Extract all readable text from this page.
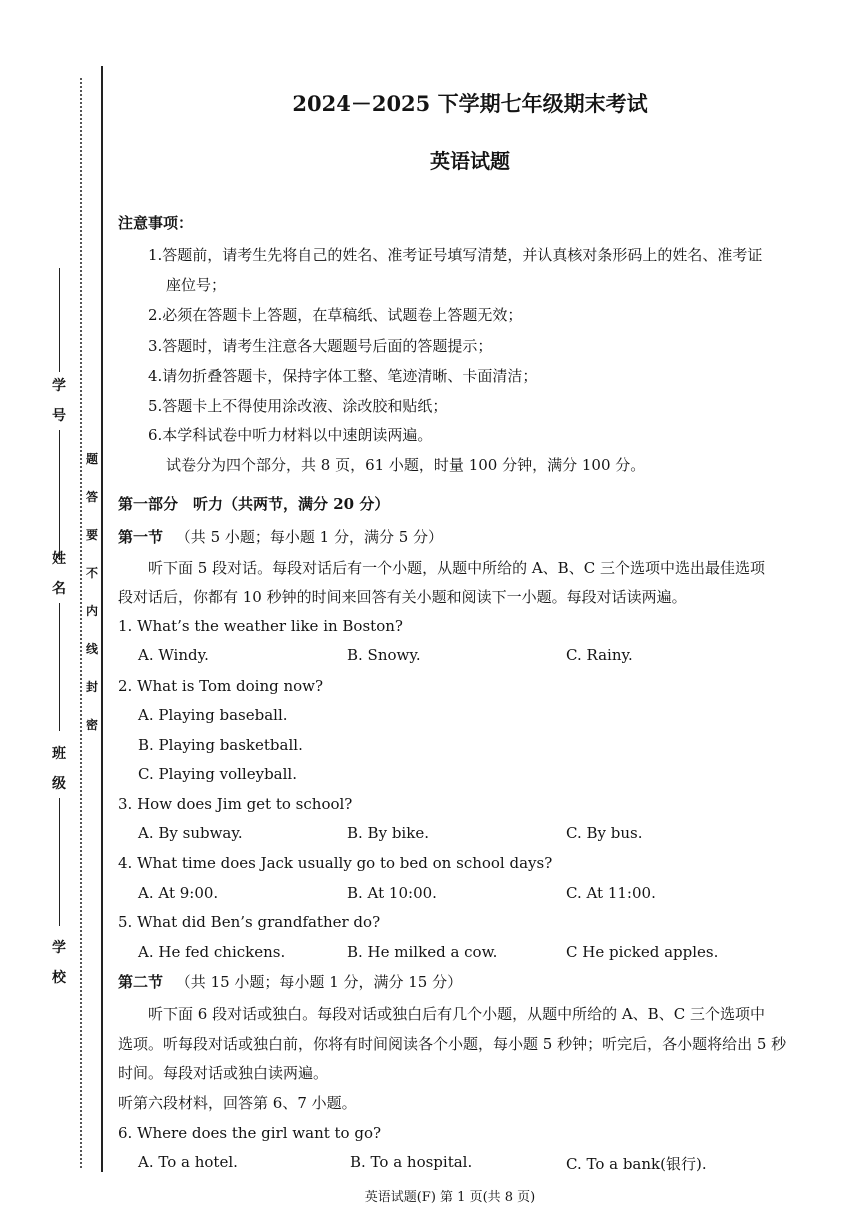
学
号
姓
名
班
级
学
校
题
答
要
不
内
线
封
密
2024－2025 下学期七年级期末考试
英语试题
注意事项：
1.答题前，请考生先将自己的姓名、准考证号填写清楚，并认真核对条形码上的姓名、准考证
座位号；
2.必须在答题卡上答题，在草稿纸、试题卷上答题无效；
3.答题时，请考生注意各大题题号后面的答题提示；
4.请勿折叠答题卡，保持字体工整、笔迹清晰、卡面清洁；
5.答题卡上不得使用涂改液、涂改胶和贴纸；
6.本学科试卷中听力材料以中速朗读两遍。
试卷分为四个部分，共 8 页，61 小题，时量 100 分钟，满分 100 分。
第一部分　听力（共两节，满分 20 分）
第一节 （共 5 小题；每小题 1 分，满分 5 分）
听下面 5 段对话。每段对话后有一个小题，从题中所给的 A、B、C 三个选项中选出最佳选项
段对话后，你都有 10 秒钟的时间来回答有关小题和阅读下一小题。每段对话读两遍。
1. What’s the weather like in Boston?
A. Windy.	B. Snowy.	C. Rainy.
2. What is Tom doing now?
A. Playing baseball.
B. Playing basketball.
C. Playing volleyball.
3. How does Jim get to school?
A. By subway.	B. By bike.	C. By bus.
4. What time does Jack usually go to bed on school days?
A. At 9:00.	B. At 10:00.	C. At 11:00.
5. What did Ben’s grandfather do?
A. He fed chickens.	B. He milked a cow.	C He picked apples.
第二节 （共 15 小题；每小题 1 分，满分 15 分）
听下面 6 段对话或独白。每段对话或独白后有几个小题，从题中所给的 A、B、C 三个选项中
选项。听每段对话或独白前，你将有时间阅读各个小题，每小题 5 秒钟；听完后，各小题将给出 5 秒
时间。每段对话或独白读两遍。
听第六段材料，回答第 6、7 小题。
6. Where does the girl want to go?
A. To a hotel.	B. To a hospital.	C. To a bank(银行).
英语试题(F) 第 1 页(共 8 页)
